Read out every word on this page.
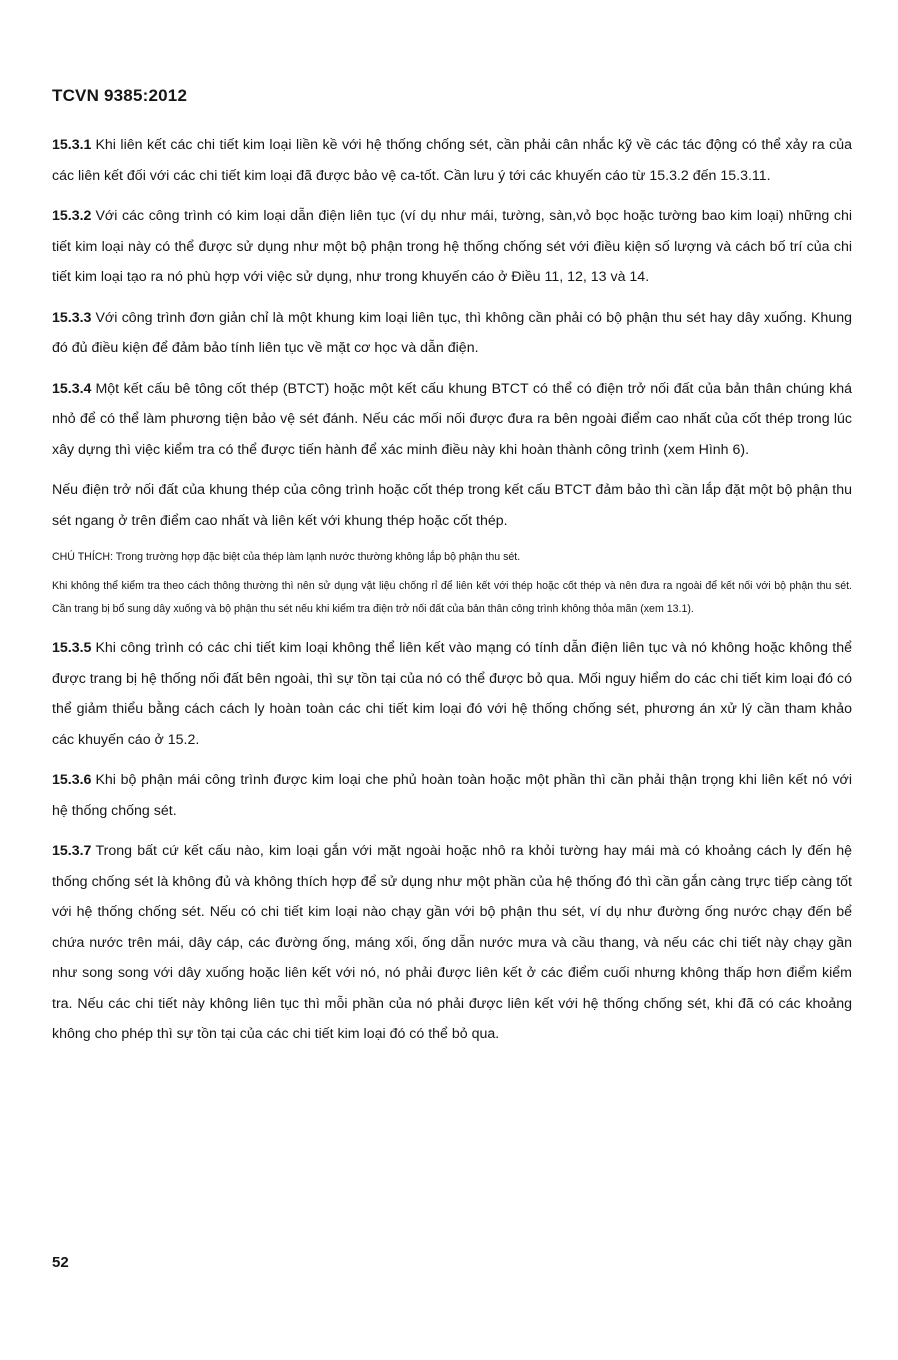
TCVN 9385:2012

15.3.1 Khi liên kết các chi tiết kim loại liền kề với hệ thống chống sét, cần phải cân nhắc kỹ về các tác động có thể xảy ra của các liên kết đối với các chi tiết kim loại đã được bảo vệ ca-tốt. Cần lưu ý tới các khuyến cáo từ 15.3.2 đến 15.3.11.

15.3.2 Với các công trình có kim loại dẫn điện liên tục (ví dụ như mái, tường, sàn,vỏ bọc hoặc tường bao kim loại) những chi tiết kim loại này có thể được sử dụng như một bộ phận trong hệ thống chống sét với điều kiện số lượng và cách bố trí của chi tiết kim loại tạo ra nó phù hợp với việc sử dụng, như trong khuyến cáo ở Điều 11, 12, 13 và 14.

15.3.3 Với công trình đơn giản chỉ là một khung kim loại liên tục, thì không cần phải có bộ phận thu sét hay dây xuống. Khung đó đủ điều kiện để đảm bảo tính liên tục về mặt cơ học và dẫn điện.

15.3.4 Một kết cấu bê tông cốt thép (BTCT) hoặc một kết cấu khung BTCT có thể có điện trở nối đất của bản thân chúng khá nhỏ để có thể làm phương tiện bảo vệ sét đánh. Nếu các mối nối được đưa ra bên ngoài điểm cao nhất của cốt thép trong lúc xây dựng thì việc kiểm tra có thể được tiến hành để xác minh điều này khi hoàn thành công trình (xem Hình 6).

Nếu điện trở nối đất của khung thép của công trình hoặc cốt thép trong kết cấu BTCT đảm bảo thì cần lắp đặt một bộ phận thu sét ngang ở trên điểm cao nhất và liên kết với khung thép hoặc cốt thép.

CHÚ THÍCH: Trong trường hợp đặc biệt của thép làm lạnh nước thường không lắp bộ phận thu sét.

Khi không thể kiểm tra theo cách thông thường thì nên sử dụng vật liệu chống rỉ để liên kết với thép hoặc cốt thép và nên đưa ra ngoài để kết nối với bộ phận thu sét. Cần trang bị bổ sung dây xuống và bộ phận thu sét nếu khi kiểm tra điện trở nối đất của bản thân công trình không thỏa mãn (xem 13.1).

15.3.5 Khi công trình có các chi tiết kim loại không thể liên kết vào mạng có tính dẫn điện liên tục và nó không hoặc không thể được trang bị hệ thống nối đất bên ngoài, thì sự tồn tại của nó có thể được bỏ qua. Mối nguy hiểm do các chi tiết kim loại đó có thể giảm thiểu bằng cách cách ly hoàn toàn các chi tiết kim loại đó với hệ thống chống sét, phương án xử lý cần tham khảo các khuyến cáo ở 15.2.

15.3.6 Khi bộ phận mái công trình được kim loại che phủ hoàn toàn hoặc một phần thì cần phải thận trọng khi liên kết nó với hệ thống chống sét.

15.3.7 Trong bất cứ kết cấu nào, kim loại gắn với mặt ngoài hoặc nhô ra khỏi tường hay mái mà có khoảng cách ly đến hệ thống chống sét là không đủ và không thích hợp để sử dụng như một phần của hệ thống đó thì cần gắn càng trực tiếp càng tốt với hệ thống chống sét. Nếu có chi tiết kim loại nào chạy gần với bộ phận thu sét, ví dụ như đường ống nước chạy đến bể chứa nước trên mái, dây cáp, các đường ống, máng xối, ống dẫn nước mưa và cầu thang, và nếu các chi tiết này chạy gần như song song với dây xuống hoặc liên kết với nó, nó phải được liên kết ở các điểm cuối nhưng không thấp hơn điểm kiểm tra. Nếu các chi tiết này không liên tục thì mỗi phần của nó phải được liên kết với hệ thống chống sét, khi đã có các khoảng không cho phép thì sự tồn tại của các chi tiết kim loại đó có thể bỏ qua.

52
